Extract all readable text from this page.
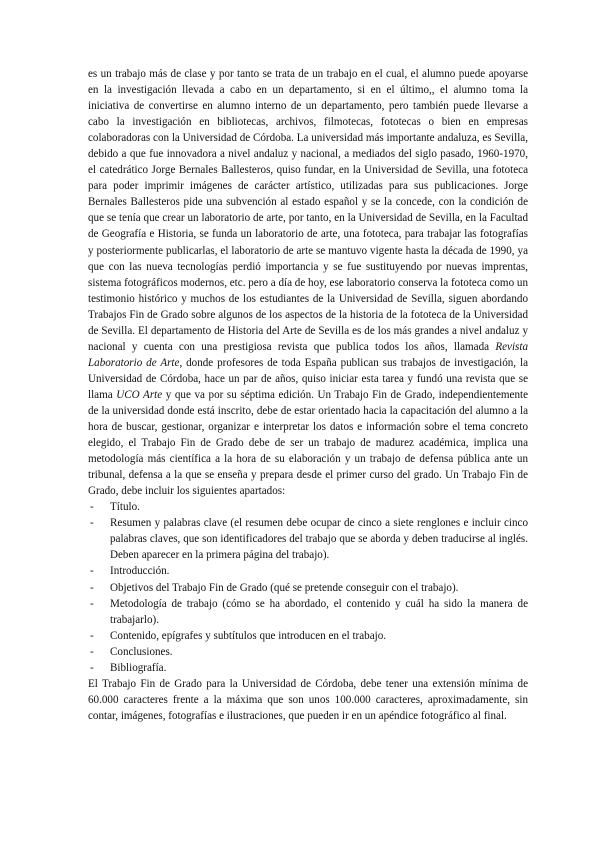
es un trabajo más de clase y por tanto se trata de un trabajo en el cual, el alumno puede apoyarse en la investigación llevada a cabo en un departamento, si en el último,, el alumno toma la iniciativa de convertirse en alumno interno de un departamento, pero también puede llevarse a cabo la investigación en bibliotecas, archivos, filmotecas, fototecas o bien en empresas colaboradoras con la Universidad de Córdoba. La universidad más importante andaluza, es Sevilla, debido a que fue innovadora a nivel andaluz y nacional, a mediados del siglo pasado, 1960-1970, el catedrático Jorge Bernales Ballesteros, quiso fundar, en la Universidad de Sevilla, una fototeca para poder imprimir imágenes de carácter artístico, utilizadas para sus publicaciones. Jorge Bernales Ballesteros pide una subvención al estado español y se la concede, con la condición de que se tenía que crear un laboratorio de arte, por tanto, en la Universidad de Sevilla, en la Facultad de Geografía e Historia, se funda un laboratorio de arte, una fototeca, para trabajar las fotografías y posteriormente publicarlas, el laboratorio de arte se mantuvo vigente hasta la década de 1990, ya que con las nueva tecnologías perdió importancia y se fue sustituyendo por nuevas imprentas, sistema fotográficos modernos, etc. pero a día de hoy, ese laboratorio conserva la fototeca como un testimonio histórico y muchos de los estudiantes de la Universidad de Sevilla, siguen abordando Trabajos Fin de Grado sobre algunos de los aspectos de la historia de la fototeca de la Universidad de Sevilla. El departamento de Historia del Arte de Sevilla es de los más grandes a nivel andaluz y nacional y cuenta con una prestigiosa revista que publica todos los años, llamada Revista Laboratorio de Arte, donde profesores de toda España publican sus trabajos de investigación, la Universidad de Córdoba, hace un par de años, quiso iniciar esta tarea y fundó una revista que se llama UCO Arte y que va por su séptima edición. Un Trabajo Fin de Grado, independientemente de la universidad donde está inscrito, debe de estar orientado hacia la capacitación del alumno a la hora de buscar, gestionar, organizar e interpretar los datos e información sobre el tema concreto elegido, el Trabajo Fin de Grado debe de ser un trabajo de madurez académica, implica una metodología más científica a la hora de su elaboración y un trabajo de defensa pública ante un tribunal, defensa a la que se enseña y prepara desde el primer curso del grado. Un Trabajo Fin de Grado, debe incluir los siguientes apartados:

- Título.
- Resumen y palabras clave (el resumen debe ocupar de cinco a siete renglones e incluir cinco palabras claves, que son identificadores del trabajo que se aborda y deben traducirse al inglés. Deben aparecer en la primera página del trabajo).
- Introducción.
- Objetivos del Trabajo Fin de Grado (qué se pretende conseguir con el trabajo).
- Metodología de trabajo (cómo se ha abordado, el contenido y cuál ha sido la manera de trabajarlo).
- Contenido, epígrafes y subtítulos que introducen en el trabajo.
- Conclusiones.
- Bibliografía.

El Trabajo Fin de Grado para la Universidad de Córdoba, debe tener una extensión mínima de 60.000 caracteres frente a la máxima que son unos 100.000 caracteres, aproximadamente, sin contar, imágenes, fotografías e ilustraciones, que pueden ir en un apéndice fotográfico al final.
